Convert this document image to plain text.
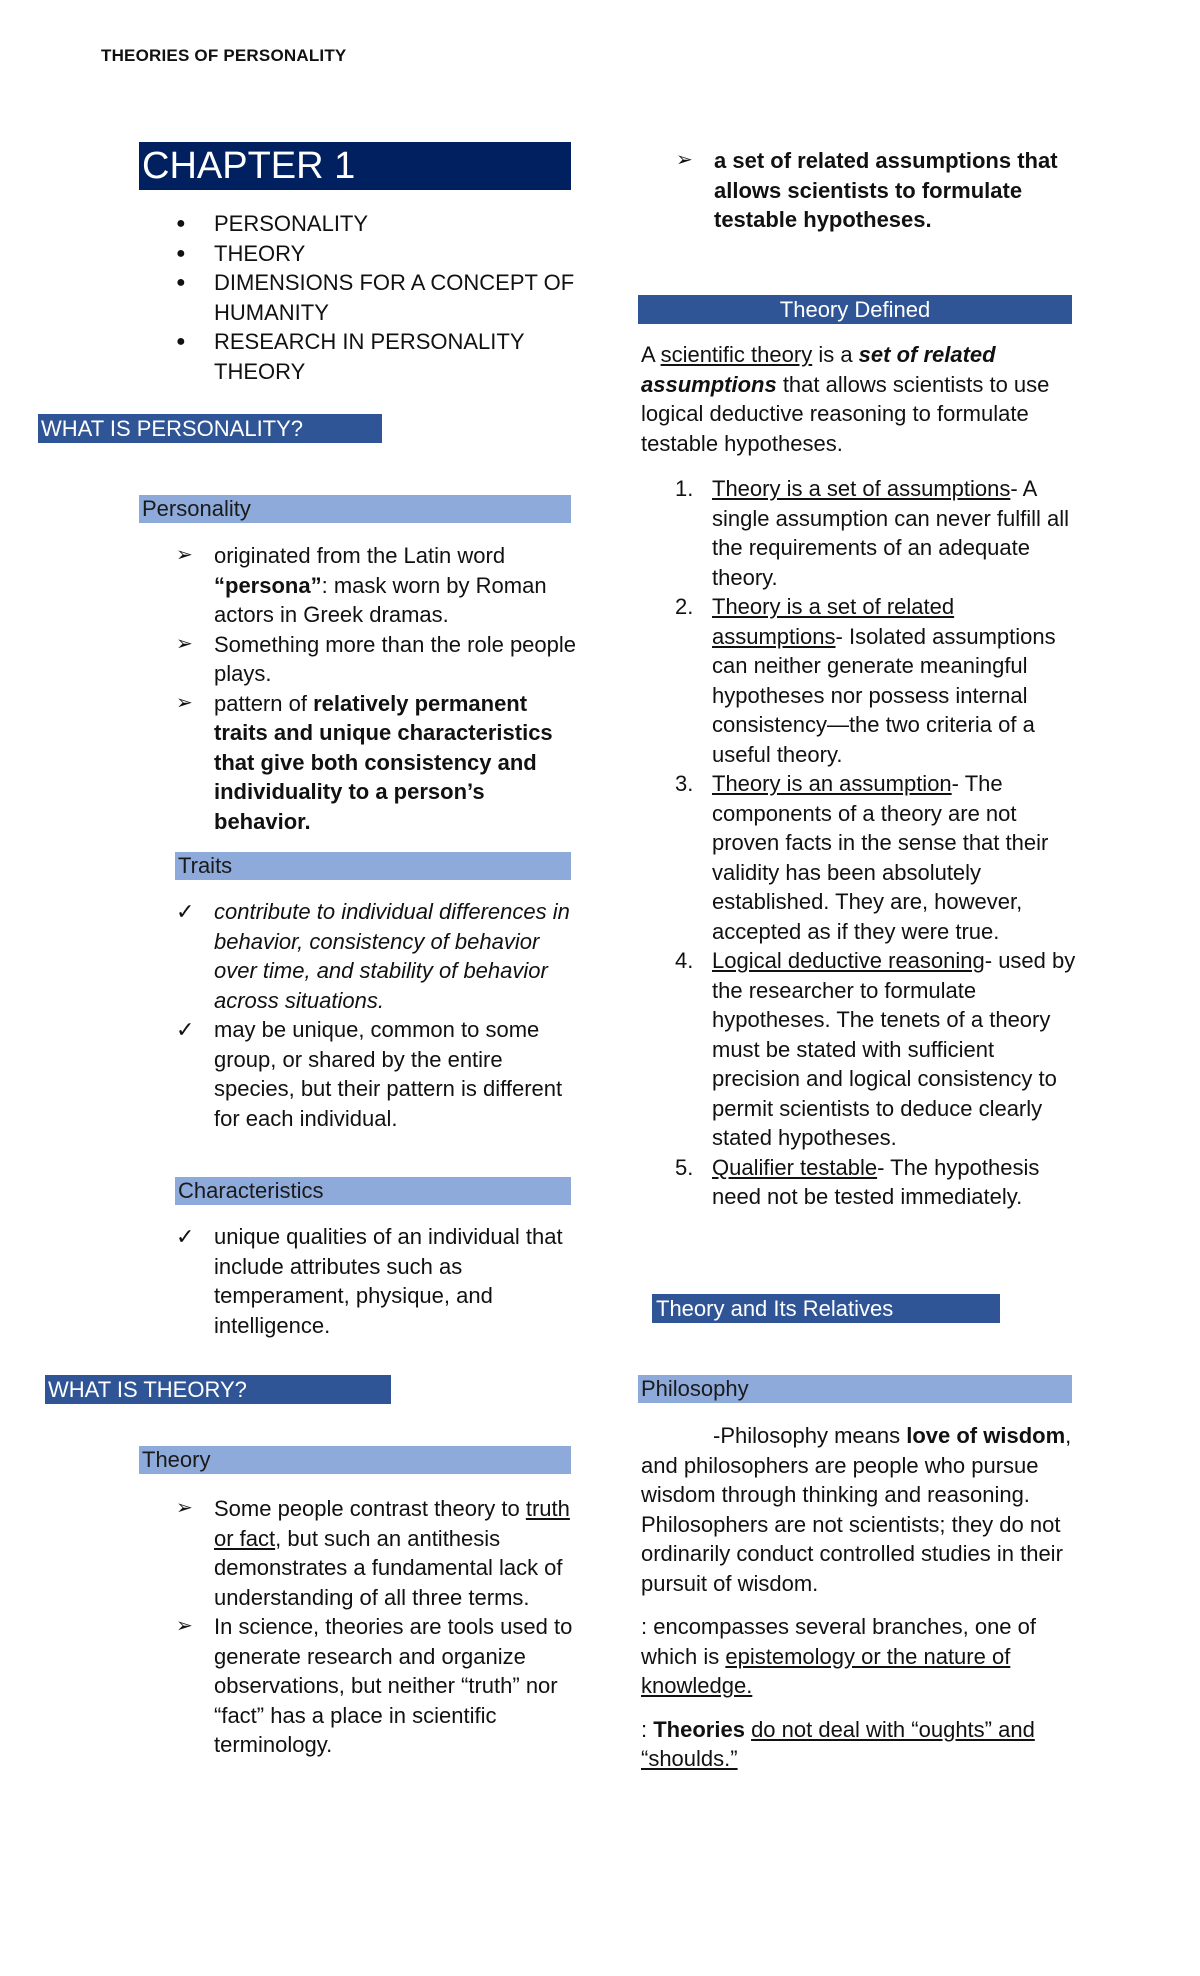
THEORIES OF PERSONALITY
CHAPTER 1
●	PERSONALITY
●	THEORY
●	DIMENSIONS FOR A CONCEPT OF HUMANITY
●	RESEARCH IN PERSONALITY THEORY
WHAT IS PERSONALITY?
Personality
➢ originated from the Latin word “persona”: mask worn by Roman actors in Greek dramas.
➢ Something more than the role people plays.
➢ pattern of relatively permanent traits and unique characteristics that give both consistency and individuality to a person’s behavior.
Traits
✓ contribute to individual differences in behavior, consistency of behavior over time, and stability of behavior across situations.
✓ may be unique, common to some group, or shared by the entire species, but their pattern is different for each individual.
Characteristics
✓ unique qualities of an individual that include attributes such as temperament, physique, and intelligence.
WHAT IS THEORY?
Theory
➢ Some people contrast theory to truth or fact, but such an antithesis demonstrates a fundamental lack of understanding of all three terms.
➢ In science, theories are tools used to generate research and organize observations, but neither “truth” nor “fact” has a place in scientific terminology.
➢ a set of related assumptions that allows scientists to formulate testable hypotheses.
Theory Defined

A scientific theory is a set of related assumptions that allows scientists to use logical deductive reasoning to formulate testable hypotheses.

1. Theory is a set of assumptions- A single assumption can never fulfill all the requirements of an adequate theory.
2. Theory is a set of related assumptions- Isolated assumptions can neither generate meaningful hypotheses nor possess internal consistency—the two criteria of a useful theory.
3. Theory is an assumption- The components of a theory are not proven facts in the sense that their validity has been absolutely established. They are, however, accepted as if they were true.
4. Logical deductive reasoning- used by the researcher to formulate hypotheses. The tenets of a theory must be stated with sufficient precision and logical consistency to permit scientists to deduce clearly stated hypotheses.
5. Qualifier testable- The hypothesis need not be tested immediately.
Theory and Its Relatives
Philosophy

-Philosophy means love of wisdom, and philosophers are people who pursue wisdom through thinking and reasoning. Philosophers are not scientists; they do not ordinarily conduct controlled studies in their pursuit of wisdom.

: encompasses several branches, one of which is epistemology or the nature of knowledge.

: Theories do not deal with “oughts” and “shoulds.”
